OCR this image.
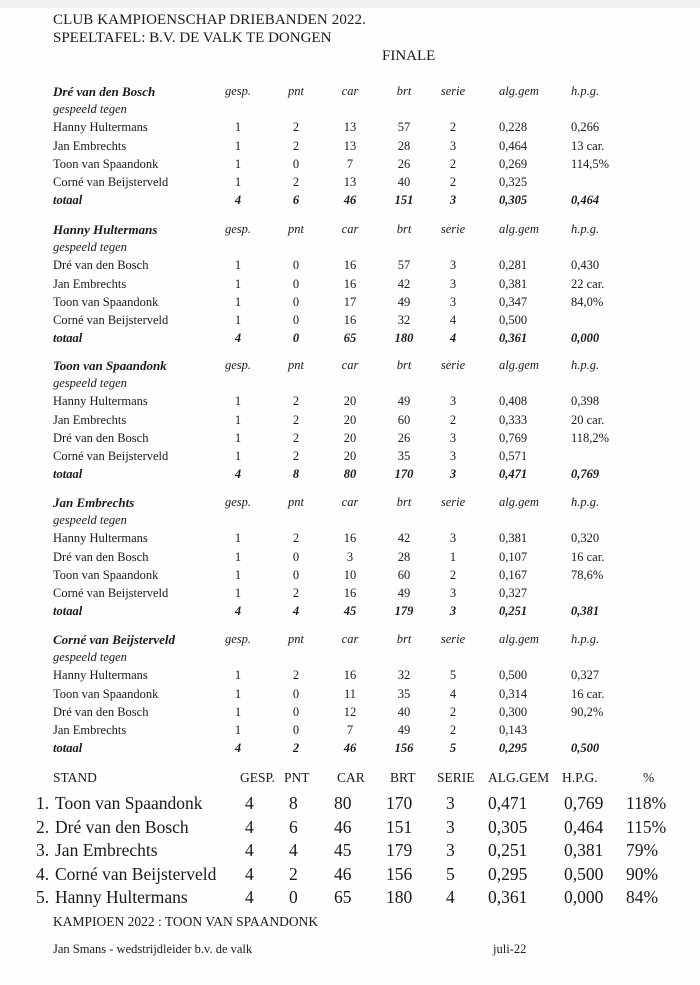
CLUB KAMPIOENSCHAP DRIEBANDEN 2022.
SPEELTAFEL: B.V. DE VALK TE DONGEN
FINALE
Dré van den Bosch	gesp.	pnt	car	brt	serie	alg.gem	h.p.g.
gespeeld tegen
Hanny Hultermans	1	2	13	57	2	0,228	0,266
Jan Embrechts	1	2	13	28	3	0,464	13 car.
Toon van Spaandonk	1	0	7	26	2	0,269	114,5%
Corné van Beijsterveld	1	2	13	40	2	0,325
totaal	4	6	46	151	3	0,305	0,464
Hanny Hultermans	gesp.	pnt	car	brt	serie	alg.gem	h.p.g.
gespeeld tegen
Dré van den Bosch	1	0	16	57	3	0,281	0,430
Jan Embrechts	1	0	16	42	3	0,381	22 car.
Toon van Spaandonk	1	0	17	49	3	0,347	84,0%
Corné van Beijsterveld	1	0	16	32	4	0,500
totaal	4	0	65	180	4	0,361	0,000
Toon van Spaandonk	gesp.	pnt	car	brt	serie	alg.gem	h.p.g.
gespeeld tegen
Hanny Hultermans	1	2	20	49	3	0,408	0,398
Jan Embrechts	1	2	20	60	2	0,333	20 car.
Dré van den Bosch	1	2	20	26	3	0,769	118,2%
Corné van Beijsterveld	1	2	20	35	3	0,571
totaal	4	8	80	170	3	0,471	0,769
Jan Embrechts	gesp.	pnt	car	brt	serie	alg.gem	h.p.g.
gespeeld tegen
Hanny Hultermans	1	2	16	42	3	0,381	0,320
Dré van den Bosch	1	0	3	28	1	0,107	16 car.
Toon van Spaandonk	1	0	10	60	2	0,167	78,6%
Corné van Beijsterveld	1	2	16	49	3	0,327
totaal	4	4	45	179	3	0,251	0,381
Corné van Beijsterveld	gesp.	pnt	car	brt	serie	alg.gem	h.p.g.
gespeeld tegen
Hanny Hultermans	1	2	16	32	5	0,500	0,327
Toon van Spaandonk	1	0	11	35	4	0,314	16 car.
Dré van den Bosch	1	0	12	40	2	0,300	90,2%
Jan Embrechts	1	0	7	49	2	0,143
totaal	4	2	46	156	5	0,295	0,500
STAND	GESP. PNT CAR BRT SERIE ALG.GEM H.P.G.	%
1. Toon van Spaandonk 4 8 80 170 3 0,471 0,769 118%
2. Dré van den Bosch	4 6 46 151 3 0,305 0,464 115%
3. Jan Embrechts	4 4 45 179 3 0,251 0,381 79%
4. Corné van Beijsterveld 4 2 46 156 5 0,295 0,500 90%
5. Hanny Hultermans	4 0 65 180 4 0,361 0,000 84%
KAMPIOEN 2022 : TOON VAN SPAANDONK
Jan Smans - wedstrijdleider b.v. de valk	juli-22
